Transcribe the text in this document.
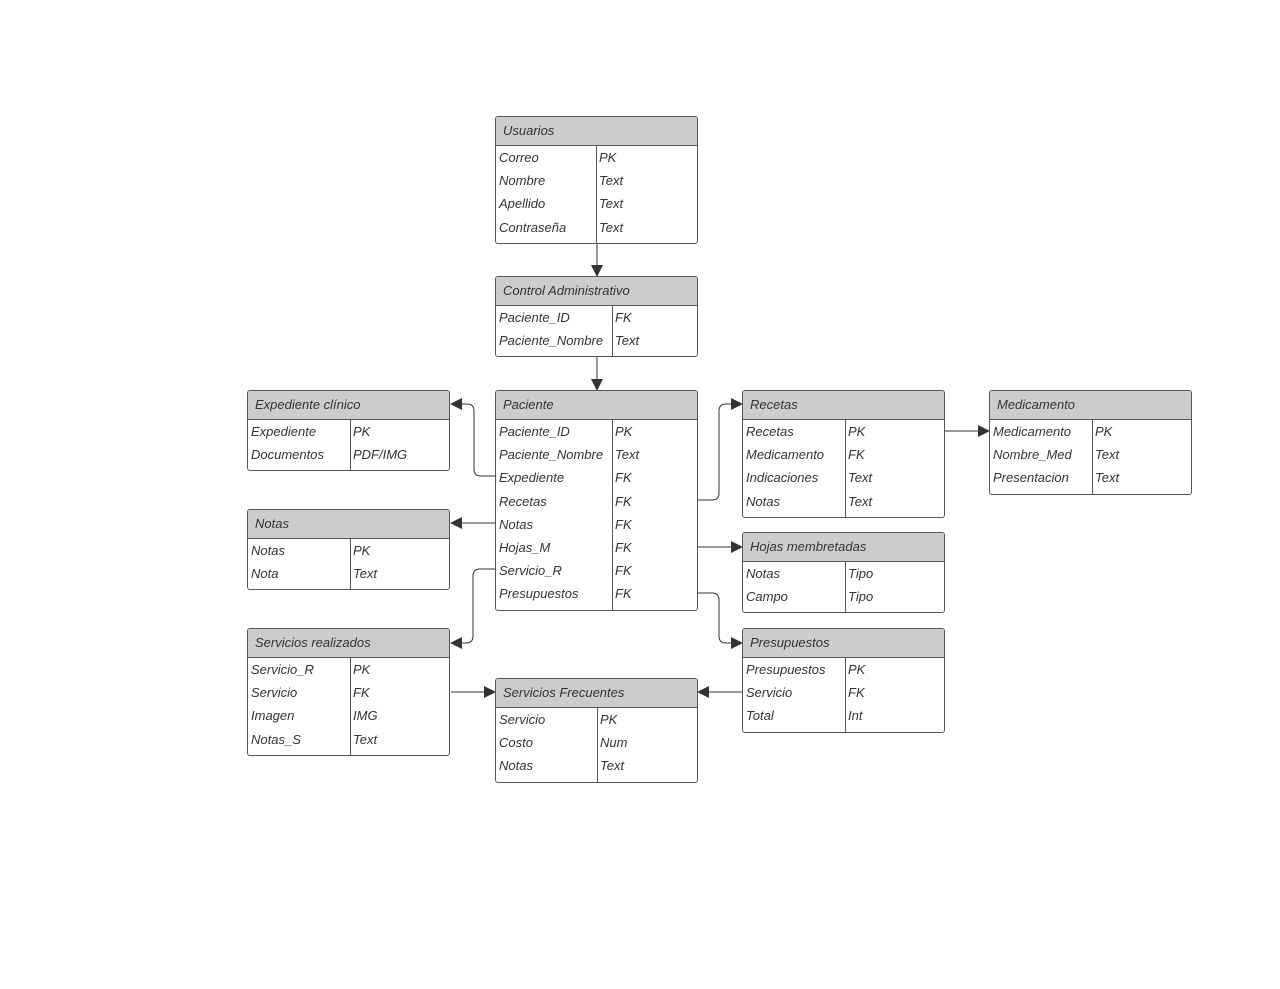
Usuarios
Correo	PK
Nombre	Text
Apellido	Text
Contraseña	Text
Control Administrativo
Paciente_ID	FK
Paciente_Nombre Text
Paciente
Paciente_ID	PK
Paciente_Nombre Text
Expediente	FK
Recetas	FK
Notas	FK
Hojas_M	FK
Servicio_R	FK
Presupuestos	FK
Expediente clínico
Expediente	PK
Documentos PDF/IMG
Notas
Notas	PK
Nota	Text
Servicios realizados
Servicio_R	PK
Servicio	FK
Imagen	IMG
Notas_S	Text
Servicios Frecuentes
Servicio	PK
Costo	Num
Notas	Text
Recetas
Recetas	PK
Medicamento FK
Indicaciones Text
Notas	Text
Medicamento
Medicamento PK
Nombre_Med Text
Presentacion Text
Hojas membretadas
Notas	Tipo
Campo	Tipo
Presupuestos
Presupuestos PK
Servicio	FK
Total	Int
